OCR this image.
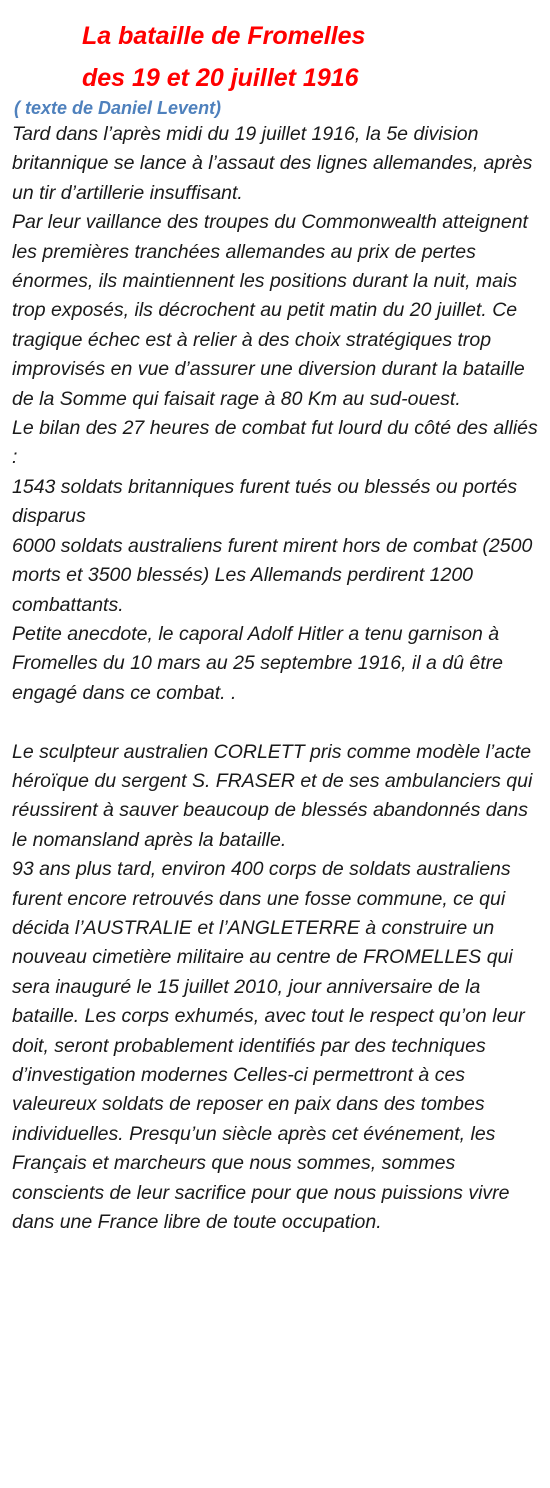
La bataille de Fromelles
des 19 et 20 juillet 1916
( texte de Daniel Levent)

Tard dans l’après midi du 19 juillet 1916, la 5e division britannique se lance à l’assaut des lignes allemandes, après un tir d’artillerie insuffisant.

Par leur vaillance des troupes du Commonwealth atteignent les premières tranchées allemandes au prix de pertes énormes, ils maintiennent les positions durant la nuit, mais trop exposés, ils décrochent au petit matin du 20 juillet. Ce tragique échec est à relier à des choix stratégiques trop improvisés en vue d’assurer une diversion durant la bataille de la Somme qui faisait rage à 80 Km au sud-ouest.

Le bilan des 27 heures de combat fut lourd du côté des alliés :

1543 soldats britanniques furent tués ou blessés ou portés disparus

6000 soldats australiens furent mirent hors de combat (2500 morts et 3500 blessés) Les Allemands perdirent 1200 combattants.

Petite anecdote, le caporal Adolf Hitler a tenu garnison à Fromelles du 10 mars au 25 septembre 1916, il a dû être engagé dans ce combat. .

Le sculpteur australien CORLETT pris comme modèle l’acte héroïque du sergent S. FRASER et de ses ambulanciers qui réussirent à sauver beaucoup de blessés abandonnés dans le nomansland après la bataille.

93 ans plus tard, environ 400 corps de soldats australiens furent encore retrouvés dans une fosse commune, ce qui décida l’AUSTRALIE et l’ANGLETERRE à construire un nouveau cimetière militaire au centre de FROMELLES qui sera inauguré le 15 juillet 2010, jour anniversaire de la bataille. Les corps exhumés, avec tout le respect qu’on leur doit, seront probablement identifiés par des techniques d’investigation modernes Celles-ci permettront à ces valeureux soldats de reposer en paix dans des tombes individuelles. Presqu’un siècle après cet événement, les Français et marcheurs que nous sommes, sommes conscients de leur sacrifice pour que nous puissions vivre dans une France libre de toute occupation.
